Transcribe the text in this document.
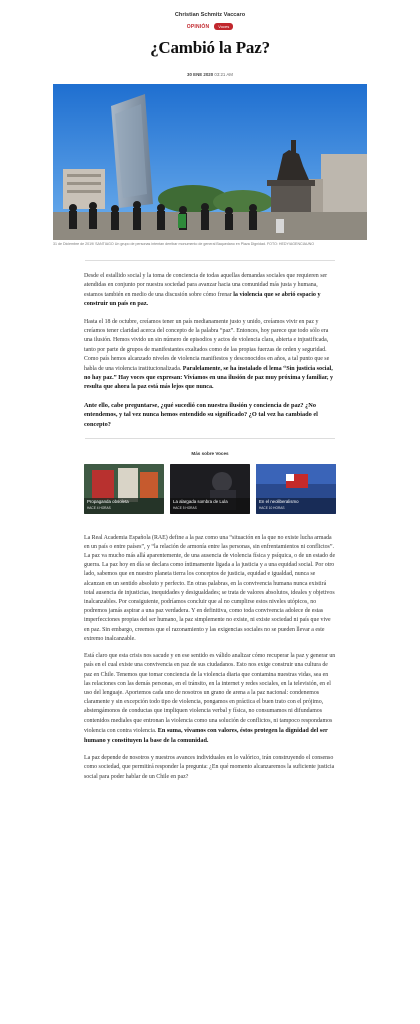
Christian Schmitz Vaccaro
OPINIÓN	Voces
¿Cambió la Paz?
30 ENE 2020 03:21 AM
31 de Diciembre de 2019/ SANTIAGO Un grupo de personas intentan derribar monumento de general Baquedano en Plaza Dignidad. FOTO: HEDY/AGENCIAUNO

Desde el estallido social y la toma de conciencia de todas aquellas demandas sociales que requieren ser atendidas en conjunto por nuestra sociedad para avanzar hacia una comunidad más justa y humana, estamos también en medio de una discusión sobre cómo frenar la violencia que se abrió espacio y construir un país en paz.

Hasta el 18 de octubre, creíamos tener un país medianamente justo y unido, creíamos vivir en paz y creíamos tener claridad acerca del concepto de la palabra “paz”. Entonces, hoy parece que todo sólo era una ilusión. Hemos vivido un sin número de episodios y actos de violencia clara, abierta e injustificada, tanto por parte de grupos de manifestantes exaltados como de las propias fuerzas de orden y seguridad. Como país hemos alcanzado niveles de violencia manifiestos y desconocidos en años, a tal punto que se habla de una violencia institucionalizada. Paralelamente, se ha instalado el lema “Sin justicia social, no hay paz.” Hay voces que expresan: Vivíamos en una ilusión de paz muy próxima y familiar, y resulta que ahora la paz está más lejos que nunca.

Ante ello, cabe preguntarse, ¿qué sucedió con nuestra ilusión y conciencia de paz? ¿No entendemos, y tal vez nunca hemos entendido su significado? ¿O tal vez ha cambiado el concepto?

Más sobre Voces
Propaganda obsoleta
HACE 4 HORAS
La alargada sombra de Lula
HACE 5 HORAS
En el neoliberalismo
HACE 10 HORAS

La Real Academia Española (RAE) define a la paz como una “situación en la que no existe lucha armada en un país o entre países”, y “la relación de armonía entre las personas, sin enfrentamientos ni conflictos”. La paz va mucho más allá aparentemente, de una ausencia de violencia física y psíquica, o de un estado de guerra. La paz hoy en día se declara como íntimamente ligada a la justicia y a una equidad social. Por otro lado, sabemos que en nuestro planeta tierra los conceptos de justicia, equidad e igualdad, nunca se alcanzan en un sentido absoluto y perfecto. En otras palabras, en la convivencia humana nunca existirá total ausencia de injusticias, inequidades y desigualdades; se trata de valores absolutos, ideales y objetivos inalcanzables. Por consiguiente, podríamos concluir que al no cumplirse estos niveles utópicos, no podremos jamás aspirar a una paz verdadera. Y en definitiva, como toda convivencia adolece de estas imperfecciones propias del ser humano, la paz simplemente no existe, ni existe sociedad ni país que vive en paz. Sin embargo, creemos que el razonamiento y las exigencias sociales no se pueden llevar a este extremo inalcanzable.

Está claro que esta crisis nos sacude y en ese sentido es válido analizar cómo recuperar la paz y generar un país en el cual existe una convivencia en paz de sus ciudadanos. Esto nos exige construir una cultura de paz en Chile. Tenemos que tomar conciencia de la violencia diaria que contamina nuestras vidas, sea en las relaciones con las demás personas, en el tránsito, en la internet y redes sociales, en la televisión, en el uso del lenguaje. Aportemos cada uno de nosotros un grano de arena a la paz nacional: condenemos claramente y sin excepción todo tipo de violencia, pongamos en práctica el buen trato con el prójimo, abstengámonos de conductas que impliquen violencia verbal y física, no consumamos ni difundamos contenidos mediales que entronan la violencia como una solución de conflictos, ni tampoco respondamos violencia con contra violencia. En suma, vivamos con valores, éstos protegen la dignidad del ser humano y constituyen la base de la comunidad.

La paz depende de nosotros y nuestros avances individuales en lo valórico, irán construyendo el consenso como sociedad, que permitirá responder la pregunta: ¿En qué momento alcanzaremos la suficiente justicia social para poder hablar de un Chile en paz?
